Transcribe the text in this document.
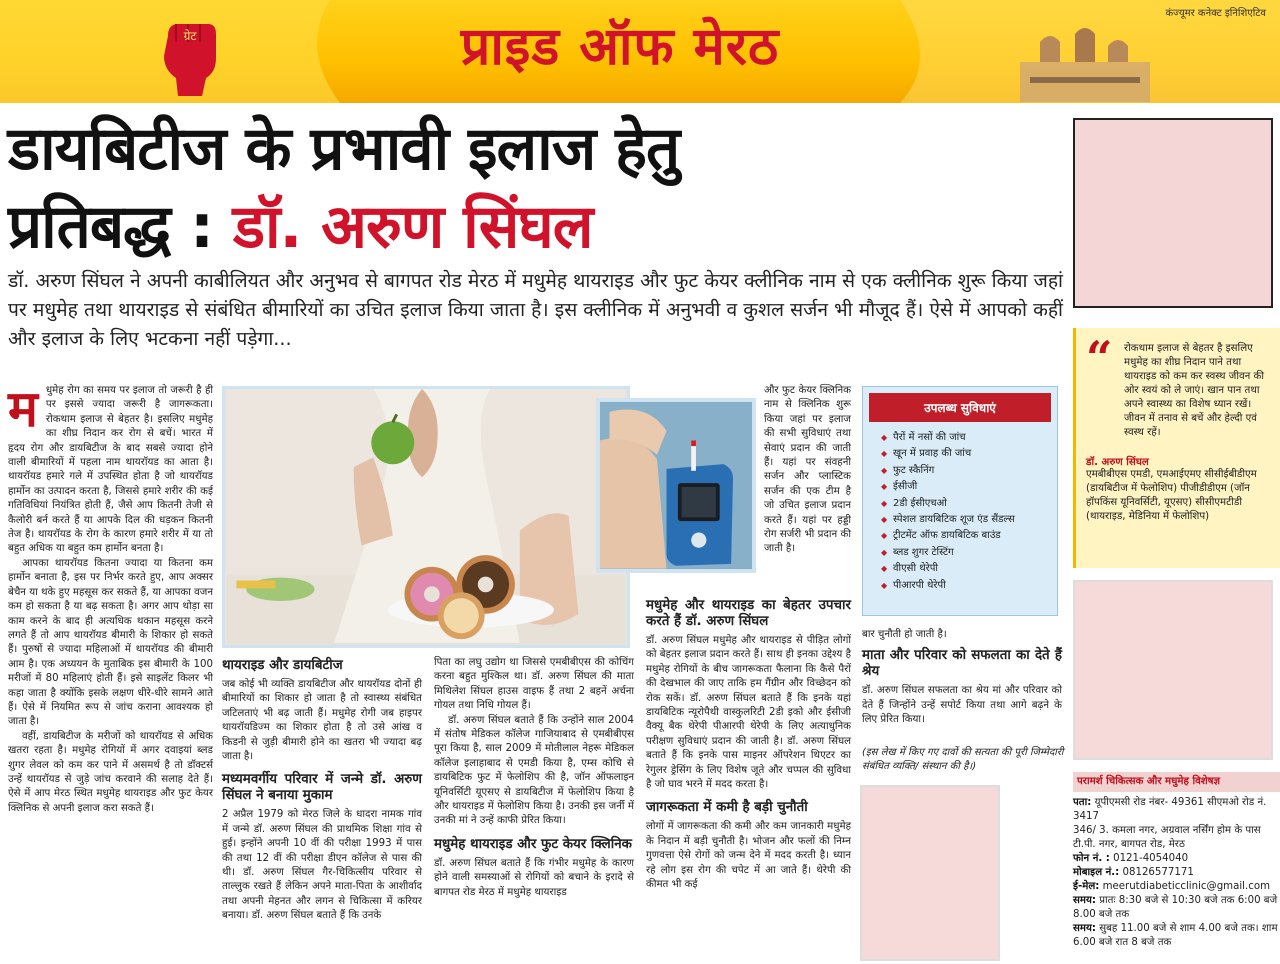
ग्रेट	प्राइड ऑफ मेरठ
कंज्यूमर कनेक्ट इनिशिएटिव
डायबिटीज के प्रभावी इलाज हेतु
प्रतिबद्ध : डॉ. अरुण सिंघल
डॉ. अरुण सिंघल ने अपनी काबीलियत और अनुभव से बागपत रोड मेरठ में मधुमेह थायराइड और फुट केयर क्लीनिक नाम से एक क्लीनिक शुरू किया जहां पर मधुमेह तथा थायराइड से संबंधित बीमारियों का उचित इलाज किया जाता है। इस क्लीनिक में अनुभवी व कुशल सर्जन भी मौजूद हैं। ऐसे में आपको कहीं और इलाज के लिए भटकना नहीं पड़ेगा...	“ रोकथाम इलाज से बेहतर है इसलिए मधुमेह का शीघ्र निदान पाने तथा थायराइड को कम कर स्वस्थ जीवन की ओर स्वयं को ले जाएं। खान पान तथा अपने स्वास्थ्य का विशेष ध्यान रखें। जीवन में तनाव से बचें और हेल्दी एवं स्वस्थ रहें।
डॉ. अरुण सिंघल
एमबीबीएस एमडी, एमआईएमए सीसीईबीडीएम (डायबिटीज में फेलोशिप) पीजीडीडीएम (जॉन हॉपकिंस यूनिवर्सिटी, यूएसए) सीसीएमटीडी (थायराइड, मेडिनिया में फेलोशिप)
म धुमेह रोग का समय पर इलाज तो जरूरी है ही पर इससे ज्यादा जरूरी है जागरूकता। रोकथाम इलाज से बेहतर है। इसलिए मधुमेह का शीघ्र निदान कर रोग से बचें। भारत में हृदय रोग और डायबिटीज के बाद सबसे ज्यादा होने वाली बीमारियों में पहला नाम थायरॉयड का आता है। थायरॉयड हमारे गले में उपस्थित होता है जो थायरॉयड हार्मोन का उत्पादन करता है, जिससे हमारे शरीर की कई गतिविधियां नियंत्रित होती हैं, जैसे आप कितनी तेजी से कैलोरी बर्न करते हैं या आपके दिल की धड़कन कितनी तेज है। थायरॉयड के रोग के कारण हमारे शरीर में या तो बहुत अधिक या बहुत कम हार्मोन बनता है।

आपका थायरॉयड कितना ज्यादा या कितना कम हार्मोन बनाता है, इस पर निर्भर करते हुए, आप अक्सर बेचैन या थके हुए महसूस कर सकते हैं, या आपका वजन कम हो सकता है या बढ़ सकता है। अगर आप थोड़ा सा काम करने के बाद ही अत्यधिक थकान महसूस करने लगते हैं तो आप थायरॉयड बीमारी के शिकार हो सकते हैं। पुरुषों से ज्यादा महिलाओं में थायरॉयड की बीमारी आम है। एक अध्ययन के मुताबिक इस बीमारी के 100 मरीजों में 80 महिलाएं होती हैं। इसे साइलेंट किलर भी कहा जाता है क्योंकि इसके लक्षण धीरे-धीरे सामने आते हैं। ऐसे में नियमित रूप से जांच कराना आवश्यक हो जाता है।

वहीं, डायबिटीज के मरीजों को थायरॉयड से अधिक खतरा रहता है। मधुमेह रोगियों में अगर दवाइयां ब्लड शुगर लेवल को कम कर पाने में असमर्थ है तो डॉक्टर्स उन्हें थायरॉयड से जुड़े जांच करवाने की सलाह देते हैं। ऐसे में आप मेरठ स्थित मधुमेह थायराइड और फुट केयर क्लिनिक से अपनी इलाज करा सकते हैं।

थायराइड और डायबिटीज

जब कोई भी व्यक्ति डायबिटीज और थायरॉयड दोनों ही बीमारियों का शिकार हो जाता है तो स्वास्थ्य संबंधित जटिलताएं भी बढ़ जाती हैं। मधुमेह रोगी जब हाइपर थायरॉयडिज्म का शिकार होता है तो उसे आंख व किडनी से जुड़ी बीमारी होने का खतरा भी ज्यादा बढ़ जाता है।

मध्यमवर्गीय परिवार में जन्मे डॉ. अरुण सिंघल ने बनाया मुकाम

2 अप्रैल 1979 को मेरठ जिले के धादरा नामक गांव में जन्मे डॉ. अरुण सिंघल की प्राथमिक शिक्षा गांव से हुई। इन्होंने अपनी 10 वीं की परीक्षा 1993 में पास की तथा 12 वीं की परीक्षा डीएन कॉलेज से पास की थी। डॉ. अरुण सिंघल गैर-चिकित्सीय परिवार से ताल्लुक रखते हैं लेकिन अपने माता-पिता के आशीर्वाद तथा अपनी मेहनत और लगन से चिकित्सा में करियर बनाया। डॉ. अरुण सिंघल बताते हैं कि उनके

पिता का लघु उद्योग था जिससे एमबीबीएस की कोचिंग करना बहुत मुश्किल था। डॉ. अरुण सिंघल की माता मिथिलेश सिंघल हाउस वाइफ हैं तथा 2 बहनें अर्चना गोयल तथा निधि गोयल हैं।

डॉ. अरुण सिंघल बताते हैं कि उन्होंने साल 2004 में संतोष मेडिकल कॉलेज गाजियाबाद से एमबीबीएस पूरा किया है, साल 2009 में मोतीलाल नेहरू मेडिकल कॉलेज इलाहाबाद से एमडी किया है, एम्स कोचि से डायबिटिक फुट में फेलोशिप की है, जॉन ऑफलाइन यूनिवर्सिटी यूएसए से डायबिटीज में फेलोशिप किया है और थायराइड में फेलोशिप किया है। उनकी इस जर्नी में उनकी मां ने उन्हें काफी प्रेरित किया।

मधुमेह थायराइड और फुट केयर क्लिनिक

डॉ. अरुण सिंघल बताते हैं कि गंभीर मधुमेह के कारण होने वाली समस्याओं से रोगियों को बचाने के इरादे से बागपत रोड मेरठ में मधुमेह थायराइड

और फुट केयर क्लिनिक नाम से क्लिनिक शुरू किया जहां पर इलाज की सभी सुविधाएं तथा सेवाएं प्रदान की जाती हैं। यहां पर संवहनी सर्जन और प्लास्टिक सर्जन की एक टीम है जो उचित इलाज प्रदान करते हैं। यहां पर हड्डी रोग सर्जरी भी प्रदान की जाती है।

मधुमेह और थायराइड का बेहतर उपचार करते हैं डॉ. अरुण सिंघल

डॉ. अरुण सिंघल मधुमेह और थायराइड से पीड़ित लोगों को बेहतर इलाज प्रदान करते हैं। साथ ही इनका उद्देश्य है मधुमेह रोगियों के बीच जागरूकता फैलाना कि कैसे पैरों की देखभाल की जाए ताकि हम गैंग्रीन और विच्छेदन को रोक सकें। डॉ. अरुण सिंघल बताते हैं कि इनके यहां डायबिटिक न्यूरोपैथी वास्कुलरिटी 2डी इको और ईसीजी वैक्यू बैक थेरेपी पीआरपी थेरेपी के लिए अत्याधुनिक परीक्षण सुविधाएं प्रदान की जाती है। डॉ. अरुण सिंघल बताते हैं कि इनके पास माइनर ऑपरेशन थिएटर का रेगुलर ड्रेसिंग के लिए विशेष जूते और चप्पल की सुविधा है जो घाव भरने में मदद करता है।

जागरूकता में कमी है बड़ी चुनौती

लोगों में जागरूकता की कमी और कम जानकारी मधुमेह के निदान में बड़ी चुनौती है। भोजन और फलों की निम्न गुणवत्ता ऐसे रोगों को जन्म देने में मदद करती है। ध्यान रहे लोग इस रोग की चपेट में आ जाते हैं। थेरेपी की कीमत भी कई

उपलब्ध सुविधाएं
◆ पैरों में नसों की जांच
◆ खून में प्रवाह की जांच
◆ फुट स्कैनिंग
◆ ईसीजी
◆ 2डी ईसीएचओ
◆ स्पेशल डायबिटिक शूज एंड सैंडल्स
◆ ट्रीटमेंट ऑफ डायबिटिक बाउंड
◆ ब्लड शुगर टेस्टिंग
◆ वीएसी थेरेपी
◆ पीआरपी थेरेपी

बार चुनौती हो जाती है।

माता और परिवार को सफलता का देते हैं श्रेय

डॉ. अरुण सिंघल सफलता का श्रेय मां और परिवार को देते हैं जिन्होंने उन्हें सपोर्ट किया तथा आगे बढ़ने के लिए प्रेरित किया।

(इस लेख में किए गए दावों की सत्यता की पूरी जिम्मेदारी संबंधित व्यक्ति/ संस्थान की है।)
परामर्श चिकित्सक और मधुमेह विशेषज्ञ
पता: यूपीएमसी रोड नंबर- 49361 सीएमओ रोड नं. 3417
346/ 3. कमला नगर, अग्रवाल नर्सिंग होम के पास टी.पी. नगर, बागपत रोड, मेरठ
फोन नं. : 0121-4054040
मोबाइल नं.: 08126577171
ई-मेल: meerutdiabeticclinic@gmail.com
समय: प्रातः 8:30 बजे से 10:30 बजे तक 6:00 बजे 8.00 बजे तक
समय: सुबह 11.00 बजे से शाम 4.00 बजे तक। शाम 6.00 बजे रात 8 बजे तक
